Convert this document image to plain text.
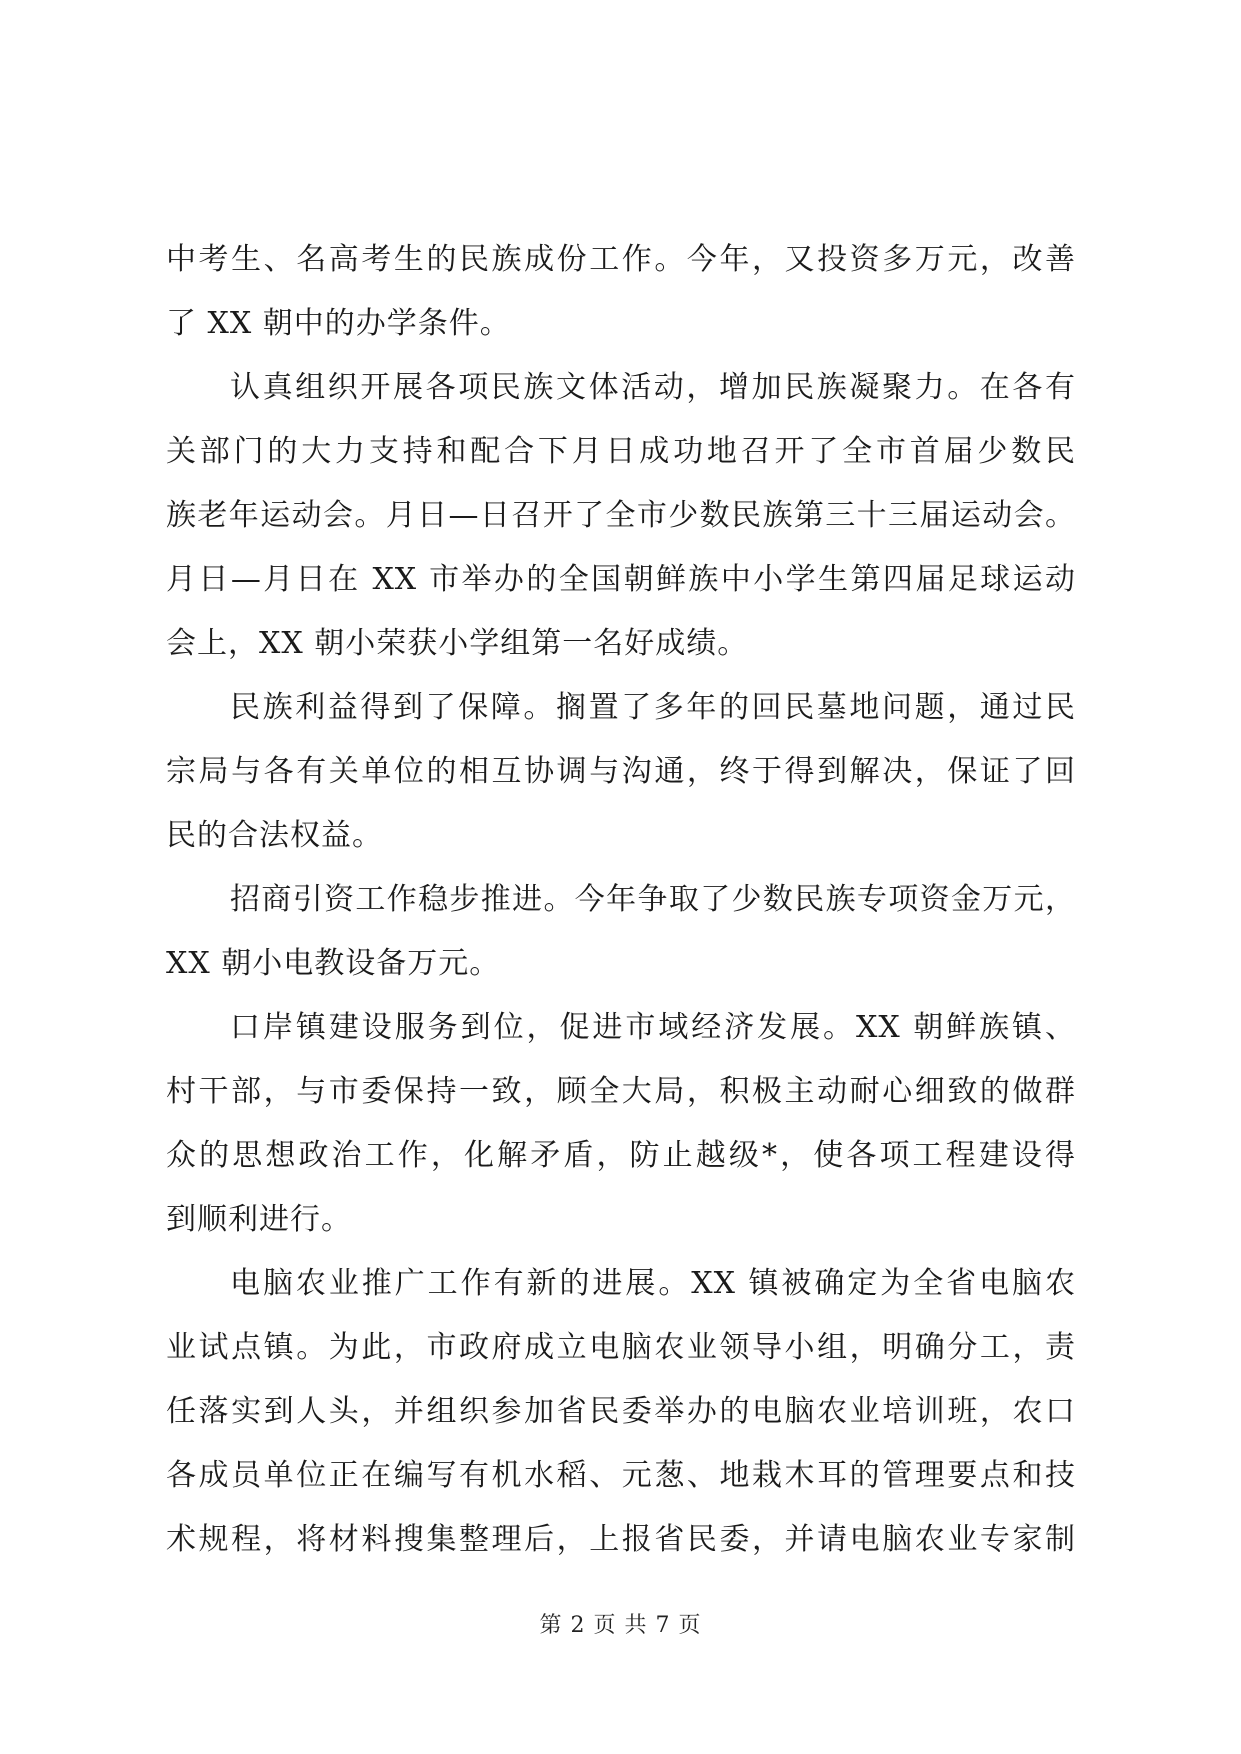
中考生、名高考生的民族成份工作。今年，又投资多万元，改善
了 XX 朝中的办学条件。
认真组织开展各项民族文体活动，增加民族凝聚力。在各有
关部门的大力支持和配合下月日成功地召开了全市首届少数民
族老年运动会。月日—日召开了全市少数民族第三十三届运动会。
月日—月日在 XX 市举办的全国朝鲜族中小学生第四届足球运动
会上，XX 朝小荣获小学组第一名好成绩。
民族利益得到了保障。搁置了多年的回民墓地问题，通过民
宗局与各有关单位的相互协调与沟通，终于得到解决，保证了回
民的合法权益。
招商引资工作稳步推进。今年争取了少数民族专项资金万元，
XX 朝小电教设备万元。
口岸镇建设服务到位，促进市域经济发展。XX 朝鲜族镇、
村干部，与市委保持一致，顾全大局，积极主动耐心细致的做群
众的思想政治工作，化解矛盾，防止越级*，使各项工程建设得
到顺利进行。
电脑农业推广工作有新的进展。XX 镇被确定为全省电脑农
业试点镇。为此，市政府成立电脑农业领导小组，明确分工，责
任落实到人头，并组织参加省民委举办的电脑农业培训班，农口
各成员单位正在编写有机水稻、元葱、地栽木耳的管理要点和技
术规程，将材料搜集整理后，上报省民委，并请电脑农业专家制
第 2 页 共 7 页
